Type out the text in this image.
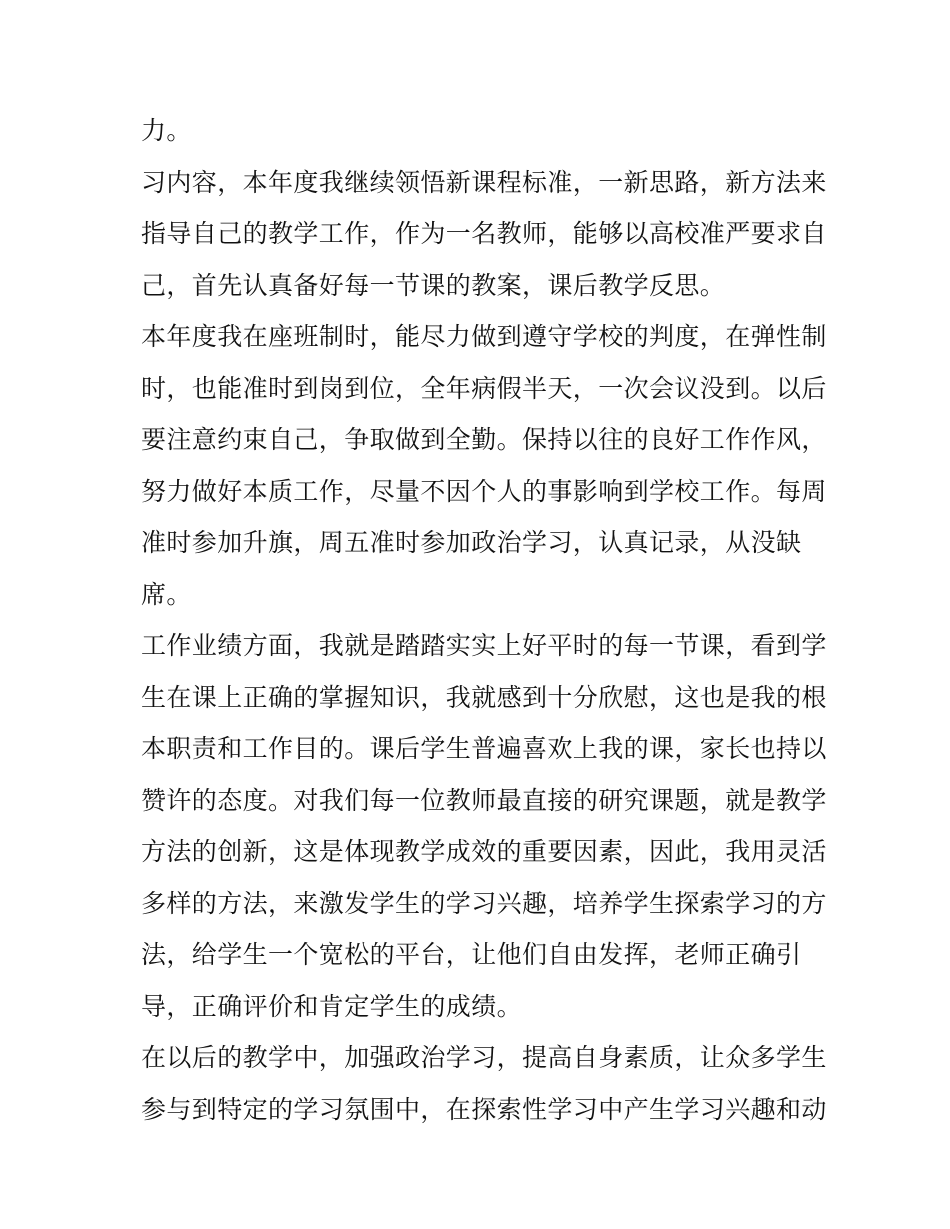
力。
习内容，本年度我继续领悟新课程标准，一新思路，新方法来
指导自己的教学工作，作为一名教师，能够以高校准严要求自
己，首先认真备好每一节课的教案，课后教学反思。
本年度我在座班制时，能尽力做到遵守学校的判度，在弹性制
时，也能准时到岗到位，全年病假半天，一次会议没到。以后
要注意约束自己，争取做到全勤。保持以往的良好工作作风，
努力做好本质工作，尽量不因个人的事影响到学校工作。每周
准时参加升旗，周五准时参加政治学习，认真记录，从没缺
席。
工作业绩方面，我就是踏踏实实上好平时的每一节课，看到学
生在课上正确的掌握知识，我就感到十分欣慰，这也是我的根
本职责和工作目的。课后学生普遍喜欢上我的课，家长也持以
赞许的态度。对我们每一位教师最直接的研究课题，就是教学
方法的创新，这是体现教学成效的重要因素，因此，我用灵活
多样的方法，来激发学生的学习兴趣，培养学生探索学习的方
法，给学生一个宽松的平台，让他们自由发挥，老师正确引
导，正确评价和肯定学生的成绩。
在以后的教学中，加强政治学习，提高自身素质，让众多学生
参与到特定的学习氛围中，在探索性学习中产生学习兴趣和动
